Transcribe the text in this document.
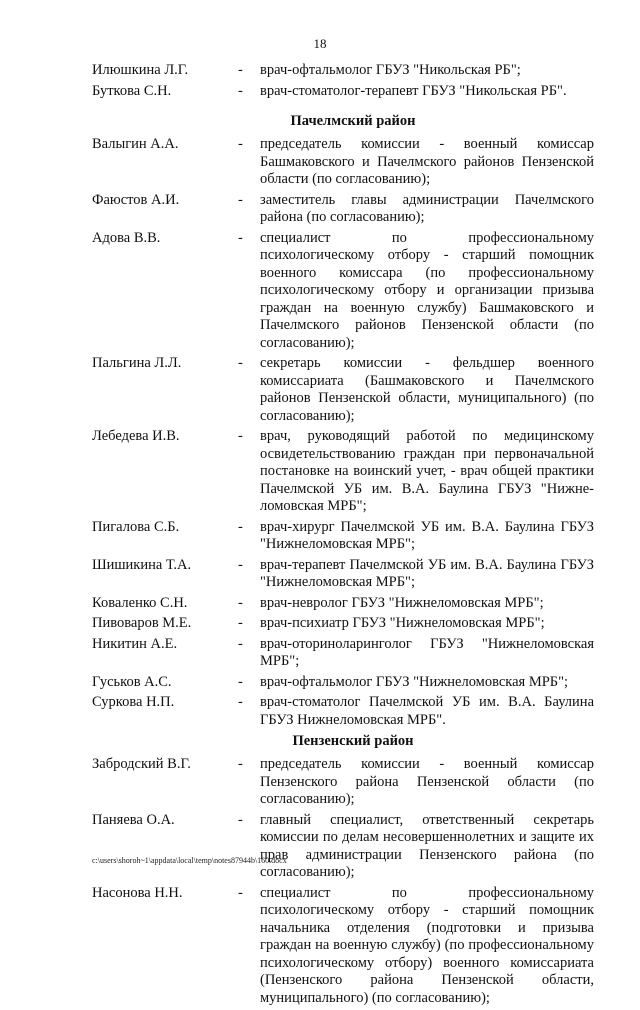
18
Илюшкина Л.Г.	-	врач-офтальмолог ГБУЗ "Никольская РБ";
Буткова С.Н.	-	врач-стоматолог-терапевт ГБУЗ "Никольская РБ".
Пачелмский район
Валыгин А.А.	-	председатель комиссии - военный комиссар Башмаковского и Пачелмского районов Пензенской области (по согласованию);
Фаюстов А.И.	-	заместитель главы администрации Пачелмского района (по согласованию);
Адова В.В.	-	специалист по профессиональному психологическому отбору - старший помощник военного комиссара (по профессиональному психологическому отбору и организации призыва граждан на военную службу) Башмаковского и Пачелмского районов Пензенской области (по согласованию);
Пальгина Л.Л.	-	секретарь комиссии - фельдшер военного комиссариата (Башмаковского и Пачелмского районов Пензенской области, муниципального) (по согласованию);
Лебедева И.В.	-	врач, руководящий работой по медицинскому освидетельствованию граждан при первоначальной постановке на воинский учет, - врач общей практики Пачелмской УБ им. В.А. Баулина ГБУЗ "Нижне-ломовская МРБ";
Пигалова С.Б.	-	врач-хирург Пачелмской УБ им. В.А. Баулина ГБУЗ "Нижнеломовская МРБ";
Шишикина Т.А.	-	врач-терапевт Пачелмской УБ им. В.А. Баулина ГБУЗ "Нижнеломовская МРБ";
Коваленко С.Н.	-	врач-невролог ГБУЗ "Нижнеломовская МРБ";
Пивоваров М.Е.	-	врач-психиатр ГБУЗ "Нижнеломовская МРБ";
Никитин А.Е.	-	врач-оториноларинголог ГБУЗ "Нижнеломовская МРБ";
Гуськов А.С.	-	врач-офтальмолог ГБУЗ "Нижнеломовская МРБ";
Суркова Н.П.	-	врач-стоматолог Пачелмской УБ им. В.А. Баулина ГБУЗ Нижнеломовская МРБ".
Пензенский район
Забродский В.Г.	-	председатель комиссии - военный комиссар Пензенского района Пензенской области (по согласованию);
Паняева О.А.	-	главный специалист, ответственный секретарь комиссии по делам несовершеннолетних и защите их прав администрации Пензенского района (по согласованию);
Насонова Н.Н.	-	специалист по профессиональному психологическому отбору - старший помощник начальника отделения (подготовки и призыва граждан на военную службу) (по профессиональному психологическому отбору) военного комиссариата (Пензенского района Пензенской области, муниципального) (по согласованию);
c:\users\shoroh~1\appdata\local\temp\notes87944b\160.docx
